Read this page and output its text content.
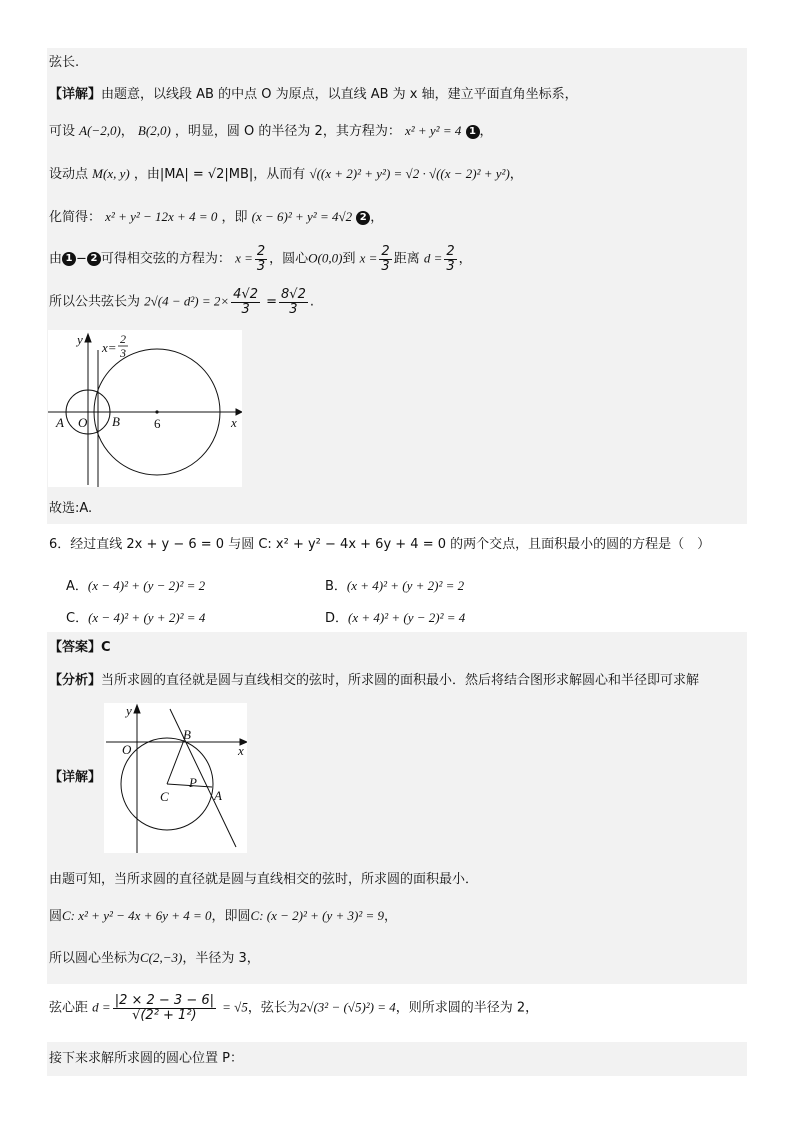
弦长.
【详解】由题意，以线段 AB 的中点 O 为原点，以直线 AB 为 x 轴，建立平面直角坐标系，
可设 A(−2,0)， B(2,0) ，明显，圆 O 的半径为 2，其方程为： x² + y² = 4 1 ，
设动点 M(x, y) ，由|MA| = √2|MB|，从而有 √((x + 2)² + y²) = √2 · √((x − 2)² + y²)，
化简得： x² + y² − 12x + 4 = 0 ，即 (x − 6)² + y² = 4√2 2 ，
由 1 − 2 可得相交弦的方程为： $x = \frac{2}{3}$ ，圆心O(0,0)到 $x = \frac{2}{3}$ 距离 $d = \frac{2}{3}$ ，
所以公共弦长为 $2√(4 - d^2) = 2\times \frac{4√2}{3} = \frac{8√2}{3}$ .
y
x
x=
A O B	6
2
3
故选:A.
6．经过直线 2x + y − 6 = 0 与圆 C: x² + y² − 4x + 6y + 4 = 0 的两个交点，且面积最小的圆的方程是（　）
A．(x − 4)² + (y − 2)² = 2	B．(x + 4)² + (y + 2)² = 2
C．(x − 4)² + (y + 2)² = 4	D．(x + 4)² + (y − 2)² = 4
【答案】C
【分析】当所求圆的直径就是圆与直线相交的弦时，所求圆的面积最小．然后将结合图形求解圆心和半径即可求解
【详解】
y
x
O
B
P
C	A
由题可知，当所求圆的直径就是圆与直线相交的弦时，所求圆的面积最小．
圆C: x² + y² − 4x + 6y + 4 = 0，即圆C: (x − 2)² + (y + 3)² = 9，
所以圆心坐标为C(2,−3)，半径为 3，
弦心距 $d = \frac{|2 \times 2 - 3 - 6|}{\text{√(2² + 1²)}} = √5$，弦长为2√(3² − (√5)²) = 4，则所求圆的半径为 2，
接下来求解所求圆的圆心位置 P：
